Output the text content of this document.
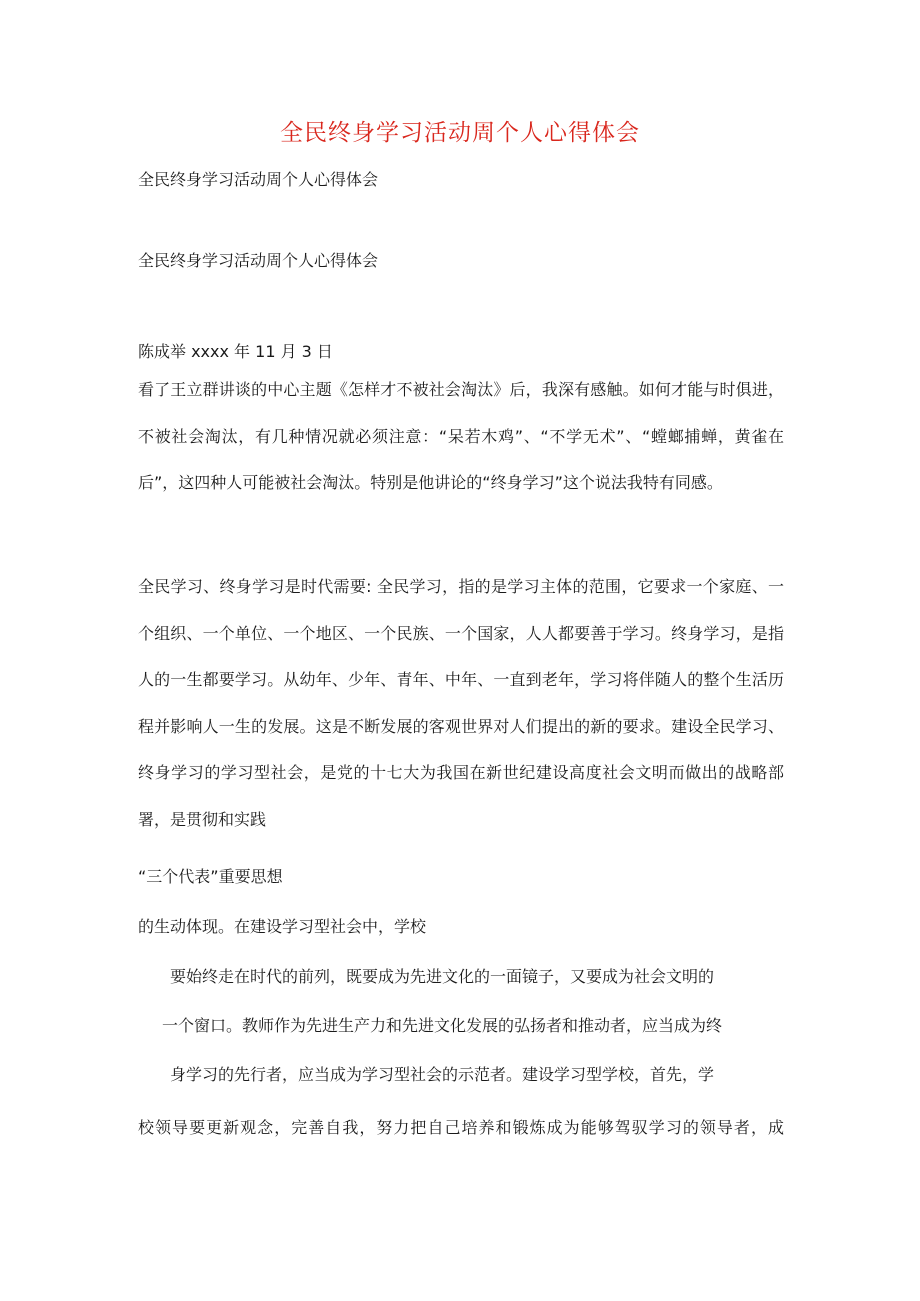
全民终身学习活动周个人心得体会

全民终身学习活动周个人心得体会

全民终身学习活动周个人心得体会

陈成举 xxxx 年 11 月 3 日

看了王立群讲谈的中心主题《怎样才不被社会淘汰》后，我深有感触。如何才能与时俱进，不被社会淘汰，有几种情况就必须注意：“呆若木鸡”、“不学无术”、“螳螂捕蝉，黄雀在后”，这四种人可能被社会淘汰。特别是他讲论的“终身学习”这个说法我特有同感。

全民学习、终身学习是时代需要: 全民学习，指的是学习主体的范围，它要求一个家庭、一个组织、一个单位、一个地区、一个民族、一个国家，人人都要善于学习。终身学习，是指人的一生都要学习。从幼年、少年、青年、中年、一直到老年，学习将伴随人的整个生活历程并影响人一生的发展。这是不断发展的客观世界对人们提出的新的要求。建设全民学习、终身学习的学习型社会，是党的十七大为我国在新世纪建设高度社会文明而做出的战略部署，是贯彻和实践

“三个代表”重要思想

的生动体现。在建设学习型社会中，学校

要始终走在时代的前列，既要成为先进文化的一面镜子，又要成为社会文明的

一个窗口。教师作为先进生产力和先进文化发展的弘扬者和推动者，应当成为终

身学习的先行者，应当成为学习型社会的示范者。建设学习型学校，首先，学

校领导要更新观念，完善自我，努力把自己培养和锻炼成为能够驾驭学习的领导者，成
